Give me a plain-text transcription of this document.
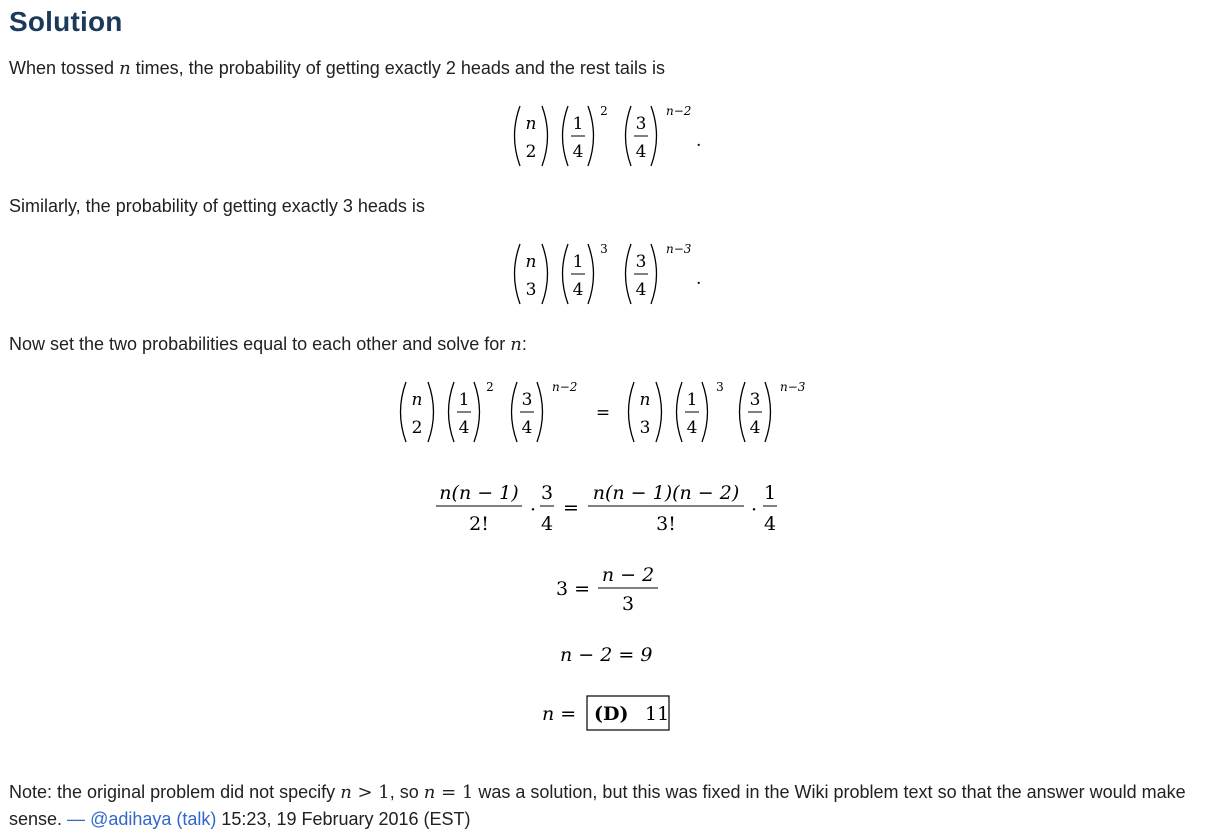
Solution
When tossed n times, the probability of getting exactly 2 heads and the rest tails is
n
2
1
4
2
3
4
n−2
.
Similarly, the probability of getting exactly 3 heads is
n
3
1
4
3
3
4
n−3
.
Now set the two probabilities equal to each other and solve for n:
n
2
1
4
2
3
4
n−2
=
n
3
1
4
3
3
4
n−3
n(n − 1)
2!
·
3
4
=
n(n − 1)(n − 2)
3!
·
1
4
3 =
n − 2
3
n − 2 = 9
n = (D) 11
Note: the original problem did not specify n > 1, so n = 1 was a solution, but this was fixed in the Wiki problem text so that the answer would make sense. — @adihaya (talk) 15:23, 19 February 2016 (EST)
